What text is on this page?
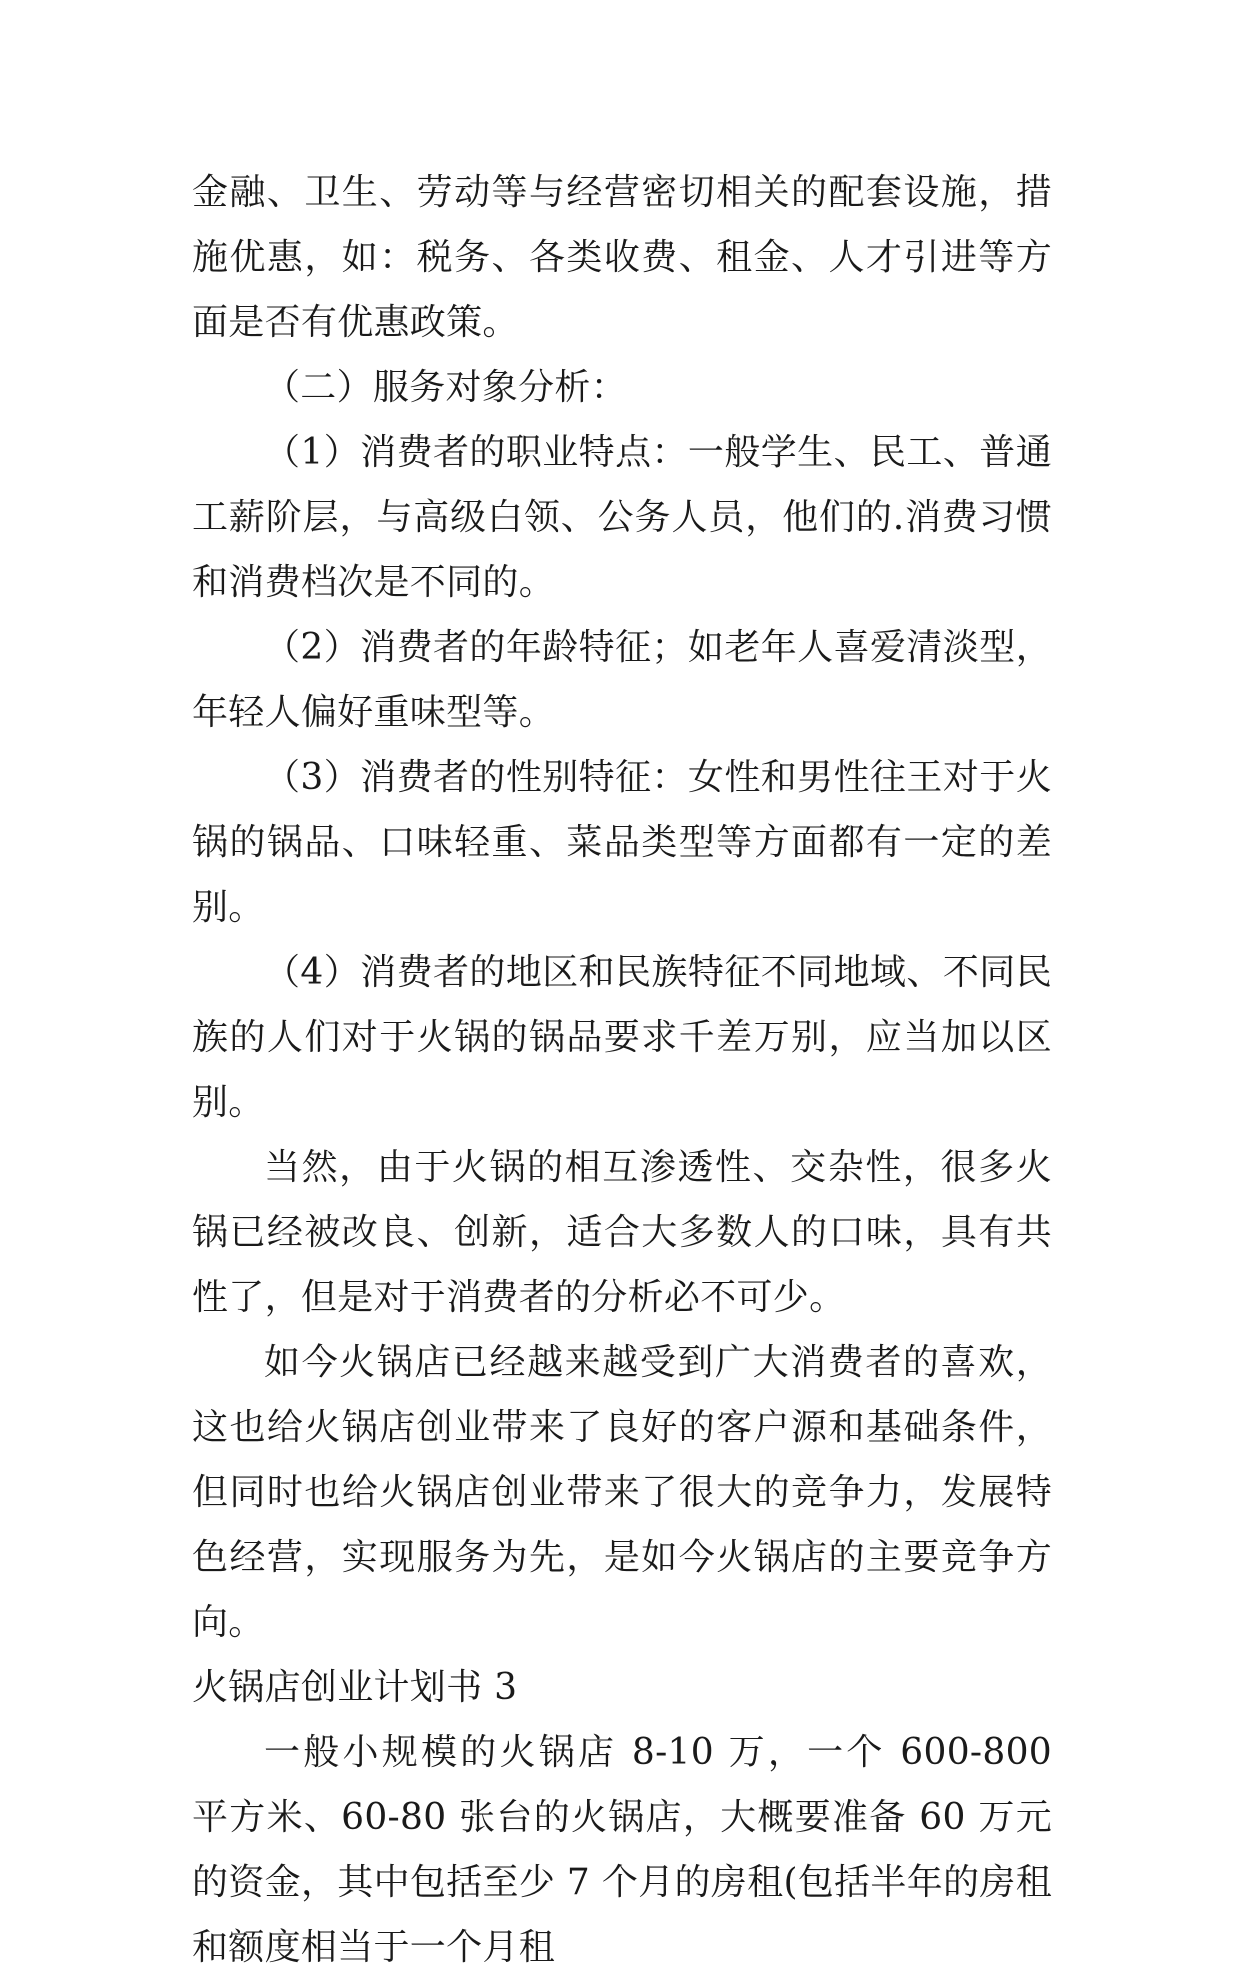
金融、卫生、劳动等与经营密切相关的配套设施，措施优惠，如：税务、各类收费、租金、人才引进等方面是否有优惠政策。

（二）服务对象分析：

（1）消费者的职业特点：一般学生、民工、普通工薪阶层，与高级白领、公务人员，他们的.消费习惯和消费档次是不同的。

（2）消费者的年龄特征；如老年人喜爱清淡型，年轻人偏好重味型等。

（3）消费者的性别特征：女性和男性往王对于火锅的锅品、口味轻重、菜品类型等方面都有一定的差别。

（4）消费者的地区和民族特征不同地域、不同民族的人们对于火锅的锅品要求千差万别，应当加以区别。

当然，由于火锅的相互渗透性、交杂性，很多火锅已经被改良、创新，适合大多数人的口味，具有共性了，但是对于消费者的分析必不可少。

如今火锅店已经越来越受到广大消费者的喜欢，这也给火锅店创业带来了良好的客户源和基础条件，但同时也给火锅店创业带来了很大的竞争力，发展特色经营，实现服务为先，是如今火锅店的主要竞争方向。

火锅店创业计划书 3

一般小规模的火锅店 8-10 万，一个 600-800 平方米、60-80 张台的火锅店，大概要准备 60 万元的资金，其中包括至少 7 个月的房租(包括半年的房租和额度相当于一个月租
